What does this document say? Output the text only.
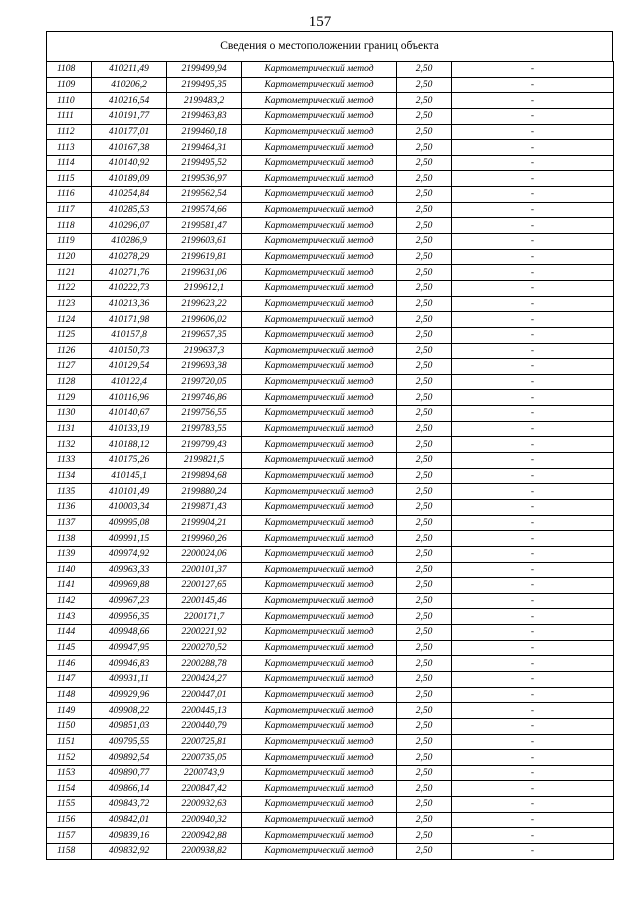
157
Сведения о местоположении границ объекта
1108	410211,49	2199499,94	Картометрический метод	2,50	-
1109	410206,2	2199495,35	Картометрический метод	2,50	-
1110	410216,54	2199483,2	Картометрический метод	2,50	-
1111	410191,77	2199463,83	Картометрический метод	2,50	-
1112	410177,01	2199460,18	Картометрический метод	2,50	-
1113	410167,38	2199464,31	Картометрический метод	2,50	-
1114	410140,92	2199495,52	Картометрический метод	2,50	-
1115	410189,09	2199536,97	Картометрический метод	2,50	-
1116	410254,84	2199562,54	Картометрический метод	2,50	-
1117	410285,53	2199574,66	Картометрический метод	2,50	-
1118	410296,07	2199581,47	Картометрический метод	2,50	-
1119	410286,9	2199603,61	Картометрический метод	2,50	-
1120	410278,29	2199619,81	Картометрический метод	2,50	-
1121	410271,76	2199631,06	Картометрический метод	2,50	-
1122	410222,73	2199612,1	Картометрический метод	2,50	-
1123	410213,36	2199623,22	Картометрический метод	2,50	-
1124	410171,98	2199606,02	Картометрический метод	2,50	-
1125	410157,8	2199657,35	Картометрический метод	2,50	-
1126	410150,73	2199637,3	Картометрический метод	2,50	-
1127	410129,54	2199693,38	Картометрический метод	2,50	-
1128	410122,4	2199720,05	Картометрический метод	2,50	-
1129	410116,96	2199746,86	Картометрический метод	2,50	-
1130	410140,67	2199756,55	Картометрический метод	2,50	-
1131	410133,19	2199783,55	Картометрический метод	2,50	-
1132	410188,12	2199799,43	Картометрический метод	2,50	-
1133	410175,26	2199821,5	Картометрический метод	2,50	-
1134	410145,1	2199894,68	Картометрический метод	2,50	-
1135	410101,49	2199880,24	Картометрический метод	2,50	-
1136	410003,34	2199871,43	Картометрический метод	2,50	-
1137	409995,08	2199904,21	Картометрический метод	2,50	-
1138	409991,15	2199960,26	Картометрический метод	2,50	-
1139	409974,92	2200024,06	Картометрический метод	2,50	-
1140	409963,33	2200101,37	Картометрический метод	2,50	-
1141	409969,88	2200127,65	Картометрический метод	2,50	-
1142	409967,23	2200145,46	Картометрический метод	2,50	-
1143	409956,35	2200171,7	Картометрический метод	2,50	-
1144	409948,66	2200221,92	Картометрический метод	2,50	-
1145	409947,95	2200270,52	Картометрический метод	2,50	-
1146	409946,83	2200288,78	Картометрический метод	2,50	-
1147	409931,11	2200424,27	Картометрический метод	2,50	-
1148	409929,96	2200447,01	Картометрический метод	2,50	-
1149	409908,22	2200445,13	Картометрический метод	2,50	-
1150	409851,03	2200440,79	Картометрический метод	2,50	-
1151	409795,55	2200725,81	Картометрический метод	2,50	-
1152	409892,54	2200735,05	Картометрический метод	2,50	-
1153	409890,77	2200743,9	Картометрический метод	2,50	-
1154	409866,14	2200847,42	Картометрический метод	2,50	-
1155	409843,72	2200932,63	Картометрический метод	2,50	-
1156	409842,01	2200940,32	Картометрический метод	2,50	-
1157	409839,16	2200942,88	Картометрический метод	2,50	-
1158	409832,92	2200938,82	Картометрический метод	2,50	-
